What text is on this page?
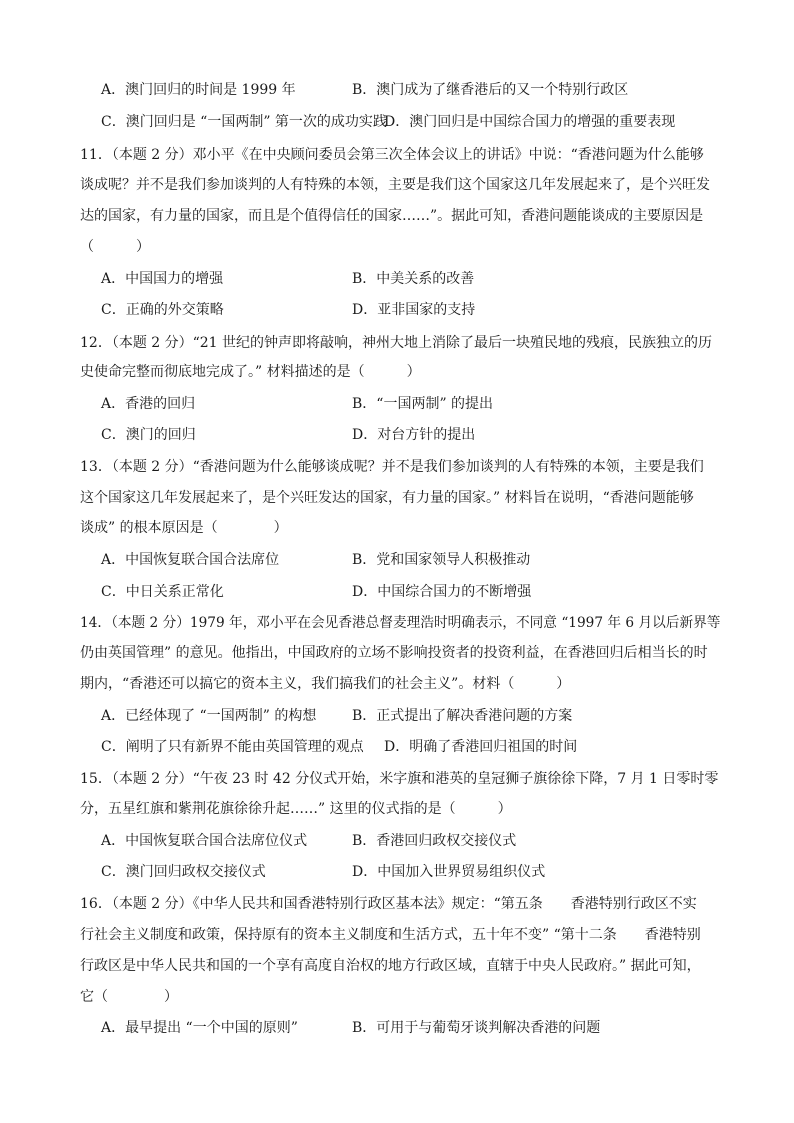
A．澳门回归的时间是 1999 年	B．澳门成为了继香港后的又一个特别行政区
C．澳门回归是 “一国两制” 第一次的成功实践
D．澳门回归是中国综合国力的增强的重要表现
11．（本题 2 分）邓小平《在中央顾问委员会第三次全体会议上的讲话》中说：“香港问题为什么能够
谈成呢？并不是我们参加谈判的人有特殊的本领，主要是我们这个国家这几年发展起来了，是个兴旺发
达的国家，有力量的国家，而且是个值得信任的国家……”。据此可知，香港问题能谈成的主要原因是
（　　　）
A．中国国力的增强	B．中美关系的改善
C．正确的外交策略	D．亚非国家的支持
12．（本题 2 分）“21 世纪的钟声即将敲响，神州大地上消除了最后一块殖民地的残痕，民族独立的历
史使命完整而彻底地完成了。” 材料描述的是（　　　）
A．香港的回归	B．“一国两制” 的提出
C．澳门的回归	D．对台方针的提出
13．（本题 2 分）“香港问题为什么能够谈成呢？并不是我们参加谈判的人有特殊的本领，主要是我们
这个国家这几年发展起来了，是个兴旺发达的国家，有力量的国家。” 材料旨在说明，“香港问题能够
谈成” 的根本原因是（　　　　）
A．中国恢复联合国合法席位	B．党和国家领导人积极推动
C．中日关系正常化	D．中国综合国力的不断增强
14．（本题 2 分）1979 年，邓小平在会见香港总督麦理浩时明确表示，不同意 “1997 年 6 月以后新界等
仍由英国管理” 的意见。他指出，中国政府的立场不影响投资者的投资利益，在香港回归后相当长的时
期内，“香港还可以搞它的资本主义，我们搞我们的社会主义”。材料（　　　）
A．已经体现了 “一国两制” 的构想	B．正式提出了解决香港问题的方案
C．阐明了只有新界不能由英国管理的观点 D．明确了香港回归祖国的时间
15．（本题 2 分）“午夜 23 时 42 分仪式开始，米字旗和港英的皇冠狮子旗徐徐下降，7 月 1 日零时零
分，五星红旗和紫荆花旗徐徐升起……” 这里的仪式指的是（　　　）
A．中国恢复联合国合法席位仪式	B．香港回归政权交接仪式
C．澳门回归政权交接仪式	D．中国加入世界贸易组织仪式
16．（本题 2 分）《中华人民共和国香港特别行政区基本法》规定：“第五条　　香港特别行政区不实
行社会主义制度和政策，保持原有的资本主义制度和生活方式，五十年不变” “第十二条　　香港特别
行政区是中华人民共和国的一个享有高度自治权的地方行政区域，直辖于中央人民政府。” 据此可知，
它（　　　　）
A．最早提出 “一个中国的原则”	B．可用于与葡萄牙谈判解决香港的问题
